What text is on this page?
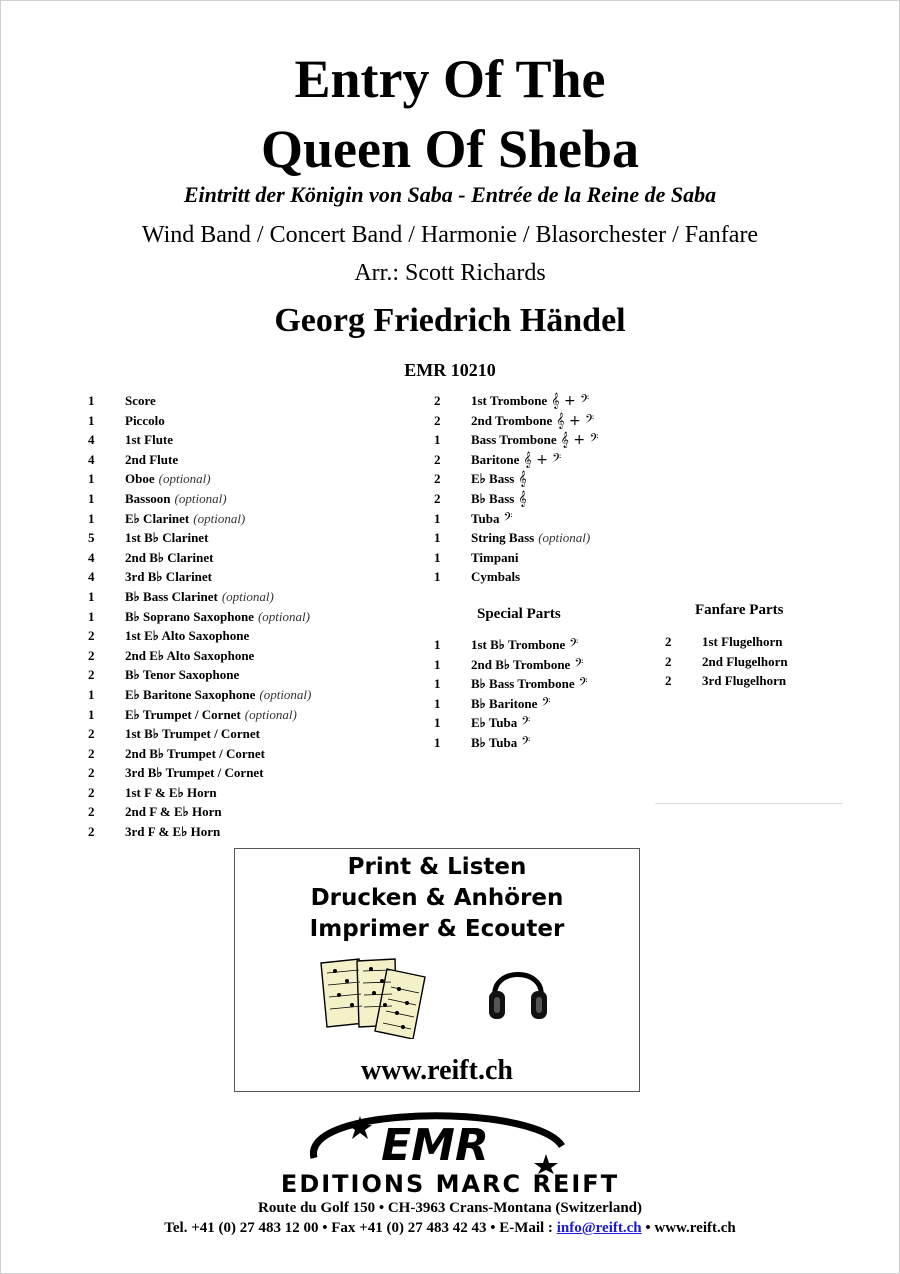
Entry Of The
Queen Of Sheba
Eintritt der Königin von Saba - Entrée de la Reine de Saba
Wind Band / Concert Band / Harmonie / Blasorchester / Fanfare
Arr.: Scott Richards
Georg Friedrich Händel
EMR 10210
1 Score
1 Piccolo
4 1st Flute
4 2nd Flute
1 Oboe (optional)
1 Bassoon (optional)
1 E♭ Clarinet (optional)
5 1st B♭ Clarinet
4 2nd B♭ Clarinet
4 3rd B♭ Clarinet
1 B♭ Bass Clarinet (optional)
1 B♭ Soprano Saxophone (optional)
2 1st E♭ Alto Saxophone
2 2nd E♭ Alto Saxophone
2 B♭ Tenor Saxophone
1 E♭ Baritone Saxophone (optional)
1 E♭ Trumpet / Cornet (optional)
2 1st B♭ Trumpet / Cornet
2 2nd B♭ Trumpet / Cornet
2 3rd B♭ Trumpet / Cornet
2 1st F & E♭ Horn
2 2nd F & E♭ Horn
2 3rd F & E♭ Horn
2 1st Trombone 𝄞 + 𝄢
2 2nd Trombone 𝄞 + 𝄢
1 Bass Trombone 𝄞 + 𝄢
2 Baritone 𝄞 + 𝄢
2 E♭ Bass 𝄞
2 B♭ Bass 𝄞
1 Tuba 𝄢
1 String Bass (optional)
1 Timpani
1 Cymbals
Special Parts
1 1st B♭ Trombone 𝄢
1 2nd B♭ Trombone 𝄢
1 B♭ Bass Trombone 𝄢
1 B♭ Baritone 𝄢
1 E♭ Tuba 𝄢
1 B♭ Tuba 𝄢
Fanfare Parts
2 1st Flugelhorn
2 2nd Flugelhorn
2 3rd Flugelhorn
Print & Listen
Drucken & Anhören
Imprimer & Ecouter
www.reift.ch
EMR
EDITIONS MARC REIFT
Route du Golf 150 • CH-3963 Crans-Montana (Switzerland)
Tel. +41 (0) 27 483 12 00 • Fax +41 (0) 27 483 42 43 • E-Mail : info@reift.ch • www.reift.ch
